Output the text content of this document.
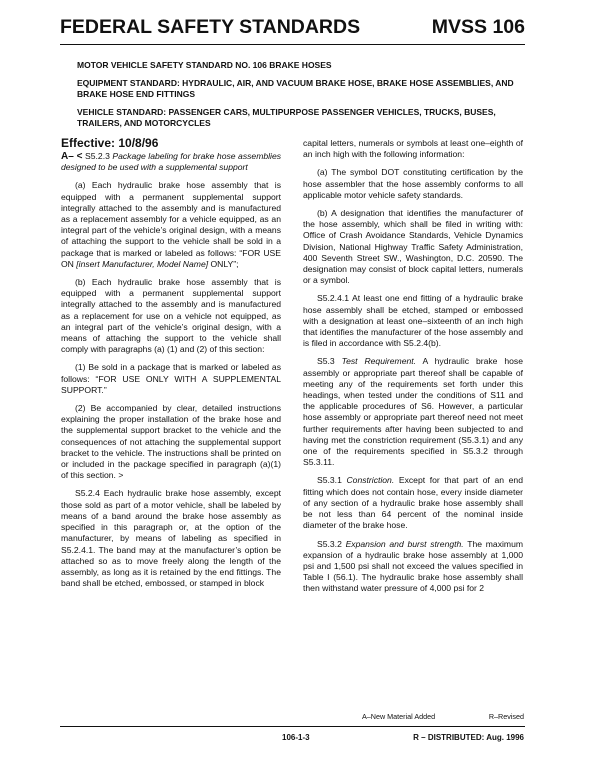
FEDERAL SAFETY STANDARDS	MVSS 106

MOTOR VEHICLE SAFETY STANDARD NO. 106 BRAKE HOSES

EQUIPMENT STANDARD: HYDRAULIC, AIR, AND VACUUM BRAKE HOSE, BRAKE HOSE ASSEMBLIES, AND BRAKE HOSE END FITTINGS

VEHICLE STANDARD: PASSENGER CARS, MULTIPURPOSE PASSENGER VEHICLES, TRUCKS, BUSES, TRAILERS, AND MOTORCYCLES

Effective: 10/8/96

A– < S5.2.3 Package labeling for brake hose assemblies designed to be used with a supplemental support

(a) Each hydraulic brake hose assembly that is equipped with a permanent supplemental support integrally attached to the assembly and is manufactured as a replacement assembly for a vehicle equipped, as an integral part of the vehicle’s original design, with a means of attaching the support to the vehicle shall be sold in a package that is marked or labeled as follows: “FOR USE ON [insert Manufacturer, Model Name] ONLY”;

(b) Each hydraulic brake hose assembly that is equipped with a permanent supplemental support integrally attached to the assembly and is manufactured as a replacement for use on a vehicle not equipped, as an integral part of the vehicle’s original design, with a means of attaching the support to the vehicle shall comply with paragraphs (a) (1) and (2) of this section:

(1) Be sold in a package that is marked or labeled as follows: “FOR USE ONLY WITH A SUPPLEMENTAL SUPPORT.”

(2) Be accompanied by clear, detailed instructions explaining the proper installation of the brake hose and the supplemental support bracket to the vehicle and the consequences of not attaching the supplemental support bracket to the vehicle. The instructions shall be printed on or included in the package specified in paragraph (a)(1) of this section. >

S5.2.4 Each hydraulic brake hose assembly, except those sold as part of a motor vehicle, shall be labeled by means of a band around the brake hose assembly as specified in this paragraph or, at the option of the manufacturer, by means of labeling as specified in S5.2.4.1. The band may at the manufacturer’s option be attached so as to move freely along the length of the assembly, as long as it is retained by the end fittings. The band shall be etched, embossed, or stamped in block

capital letters, numerals or symbols at least one–eighth of an inch high with the following information:

(a) The symbol DOT constituting certification by the hose assembler that the hose assembly conforms to all applicable motor vehicle safety standards.

(b) A designation that identifies the manufacturer of the hose assembly, which shall be filed in writing with: Office of Crash Avoidance Standards, Vehicle Dynamics Division, National Highway Traffic Safety Administration, 400 Seventh Street SW., Washington, D.C. 20590. The designation may consist of block capital letters, numerals or a symbol.

S5.2.4.1 At least one end fitting of a hydraulic brake hose assembly shall be etched, stamped or embossed with a designation at least one–sixteenth of an inch high that identifies the manufacturer of the hose assembly and is filed in accordance with S5.2.4(b).

S5.3 Test Requirement. A hydraulic brake hose assembly or appropriate part thereof shall be capable of meeting any of the requirements set forth under this headings, when tested under the conditions of S11 and the applicable procedures of S6. However, a particular hose assembly or appropriate part thereof need not meet further requirements after having been subjected to and having met the constriction requirement (S5.3.1) and any one of the requirements specified in S5.3.2 through S5.3.11.

S5.3.1 Constriction. Except for that part of an end fitting which does not contain hose, every inside diameter of any section of a hydraulic brake hose assembly shall be not less than 64 percent of the nominal inside diameter of the brake hose.

S5.3.2 Expansion and burst strength. The maximum expansion of a hydraulic brake hose assembly at 1,000 psi and 1,500 psi shall not exceed the values specified in Table I (56.1). The hydraulic brake hose assembly shall then withstand water pressure of 4,000 psi for 2

A–New Material Added	R–Revised
106-1-3	R – DISTRIBUTED: Aug. 1996
